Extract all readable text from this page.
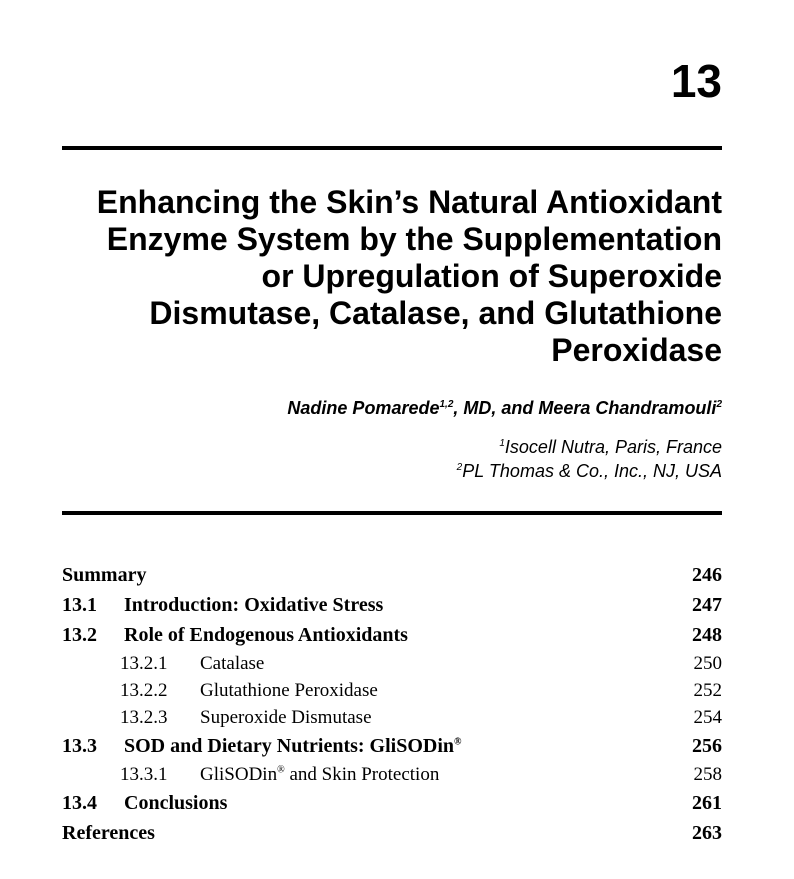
13
Enhancing the Skin’s Natural Antioxidant
Enzyme System by the Supplementation
or Upregulation of Superoxide
Dismutase, Catalase, and Glutathione
Peroxidase
Nadine Pomarede$^{1,2}$, MD, and Meera Chandramouli$^2$
$^1$Isocell Nutra, Paris, France
$^2$PL Thomas & Co., Inc., NJ, USA
Summary	246
13.1 Introduction: Oxidative Stress	247
13.2 Role of Endogenous Antioxidants	248
13.2.1 Catalase	250
13.2.2 Glutathione Peroxidase	252
13.2.3 Superoxide Dismutase	254
13.3 SOD and Dietary Nutrients: GliSODin®	256
13.3.1 GliSODin® and Skin Protection	258
13.4 Conclusions	261
References	263
